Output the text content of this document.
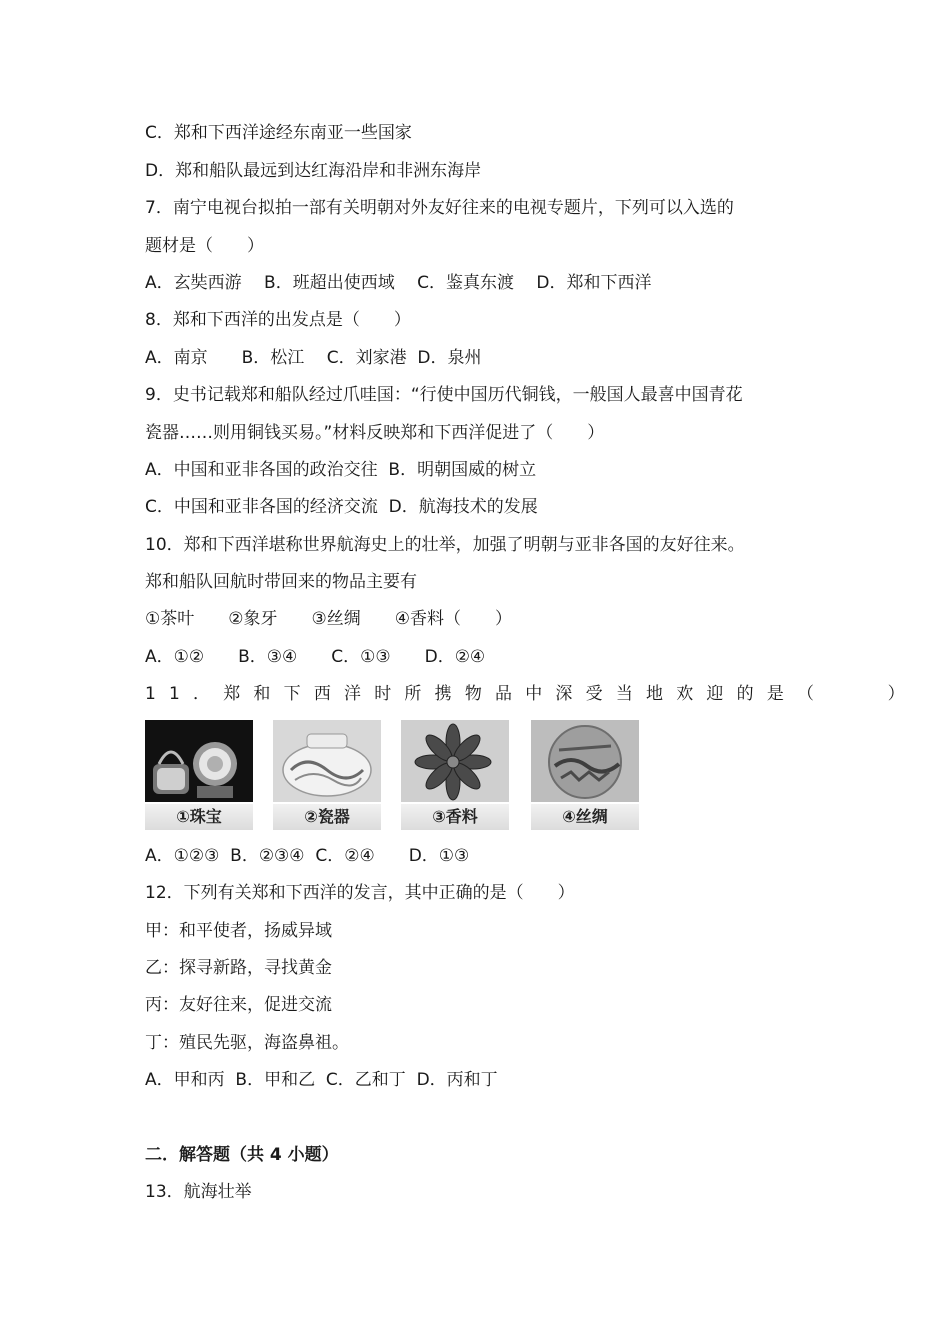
C．郑和下西洋途经东南亚一些国家
D．郑和船队最远到达红海沿岸和非洲东海岸
7．南宁电视台拟拍一部有关明朝对外友好往来的电视专题片，下列可以入选的
题材是（　　）
A．玄奘西游　 B．班超出使西域　 C．鉴真东渡　 D．郑和下西洋
8．郑和下西洋的出发点是（　　）
A．南京　　B．松江　 C．刘家港  D．泉州
9．史书记载郑和船队经过爪哇国：“行使中国历代铜钱，一般国人最喜中国青花
瓷器……则用铜钱买易。”材料反映郑和下西洋促进了（　　）
A．中国和亚非各国的政治交往  B．明朝国威的树立
C．中国和亚非各国的经济交流  D．航海技术的发展
10．郑和下西洋堪称世界航海史上的壮举，加强了明朝与亚非各国的友好往来。
郑和船队回航时带回来的物品主要有
①茶叶　　②象牙　　③丝绸　　④香料（　　）
A．①②　　B．③④　　C．①③　　D．②④
11．郑和下西洋时所携物品中深受当地欢迎的是（　　）
①珠宝	②瓷器	③香料	④丝绸
A．①②③  B．②③④  C．②④　　D．①③
12．下列有关郑和下西洋的发言，其中正确的是（　　）
甲：和平使者，扬威异域
乙：探寻新路，寻找黄金
丙：友好往来，促进交流
丁：殖民先驱，海盗鼻祖。
A．甲和丙  B．甲和乙  C．乙和丁  D．丙和丁
二．解答题（共 4 小题）
13．航海壮举
